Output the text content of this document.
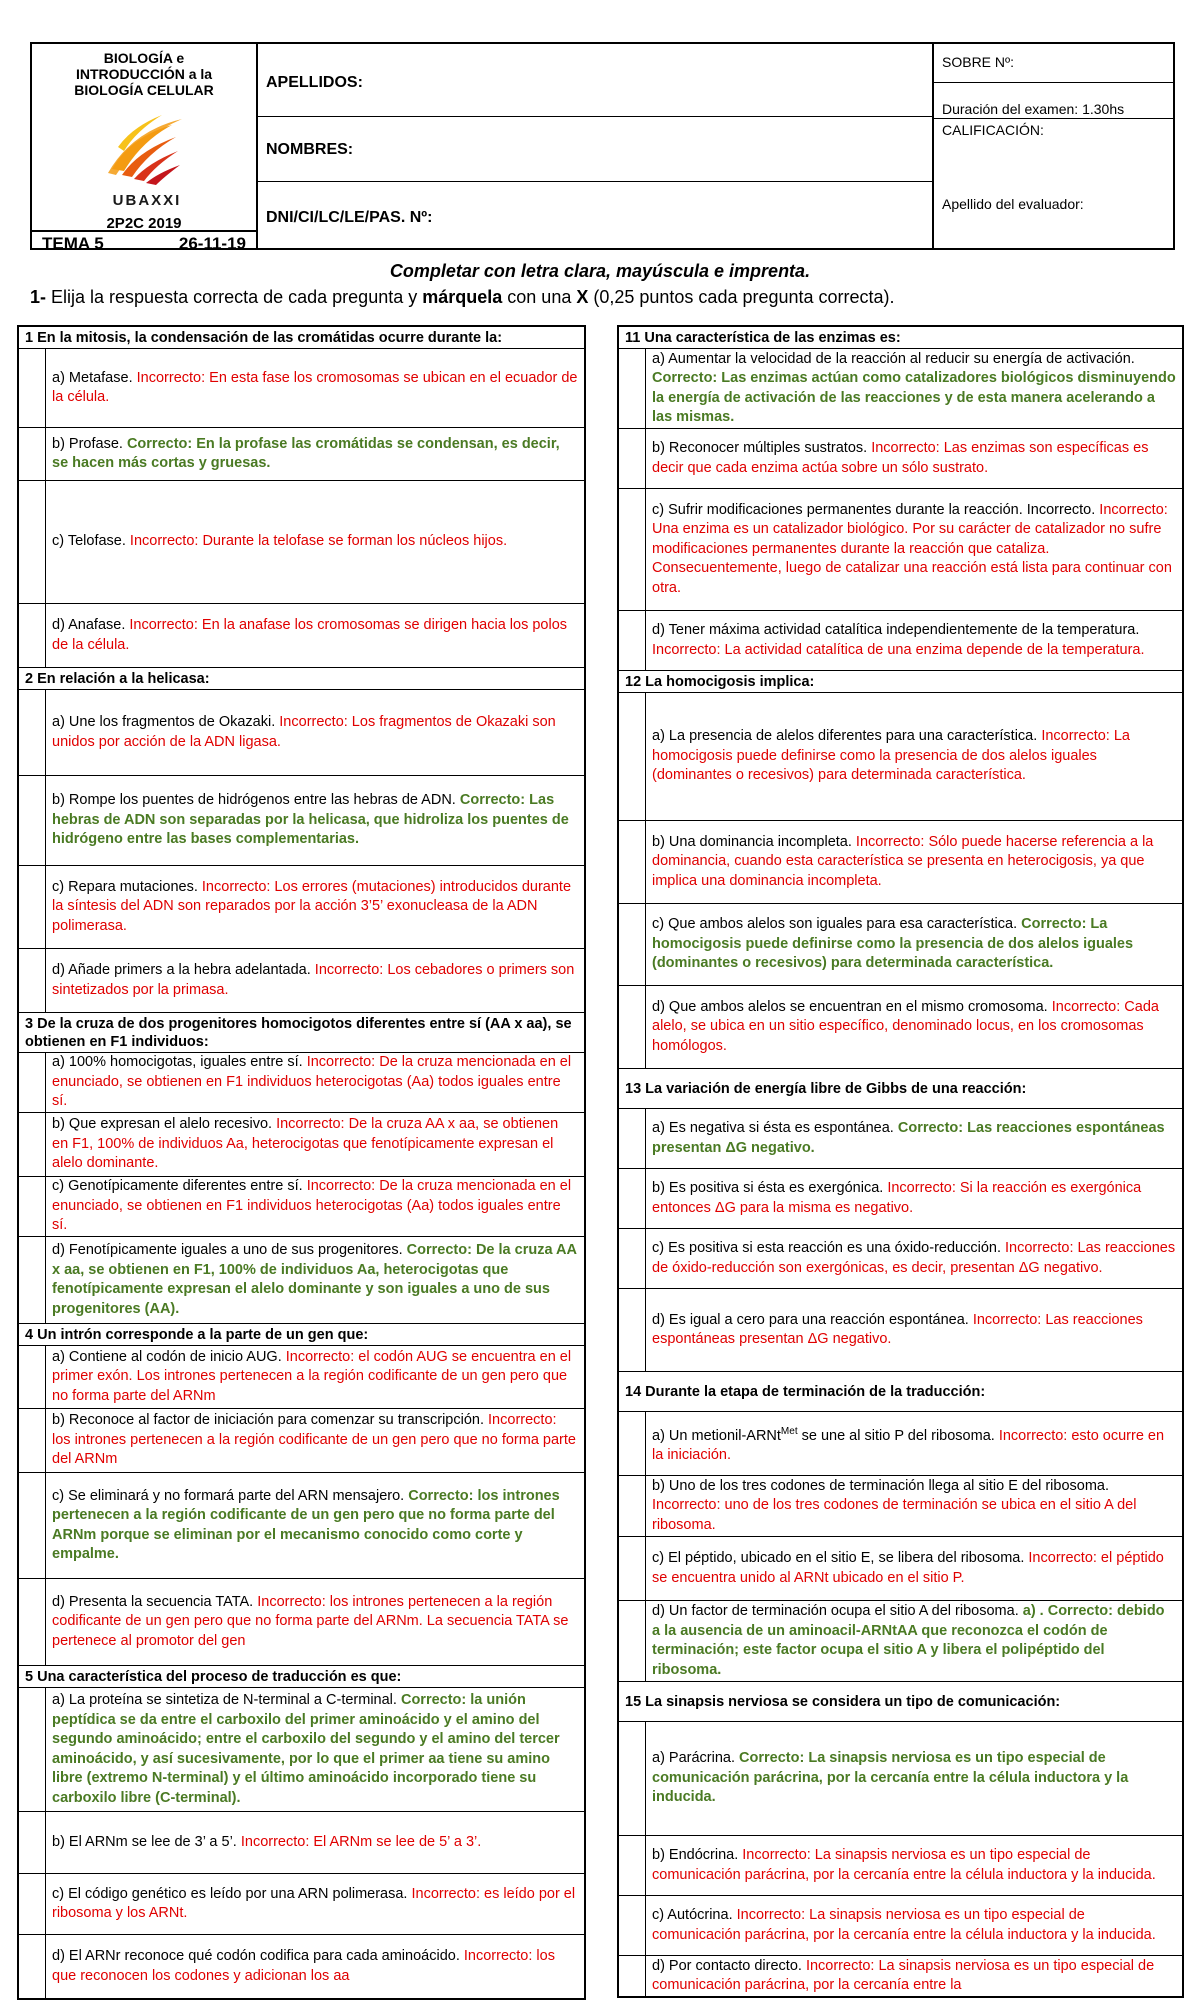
BIOLOGÍA e
INTRODUCCIÓN a la
BIOLOGÍA CELULAR
UBAXXI
2P2C 2019
TEMA 5	26-11-19
APELLIDOS:
NOMBRES:
DNI/CI/LC/LE/PAS. Nº:
SOBRE Nº:
Duración del examen: 1.30hs
CALIFICACIÓN:
Apellido del evaluador:
Completar con letra clara, mayúscula e imprenta.
1- Elija la respuesta correcta de cada pregunta y márquela con una X (0,25 puntos cada pregunta correcta).
1 En la mitosis, la condensación de las cromátidas ocurre durante la:
a) Metafase. Incorrecto: En esta fase los cromosomas se ubican en el ecuador de la célula.
b) Profase. Correcto: En la profase las cromátidas se condensan, es decir, se hacen más cortas y gruesas.
c) Telofase. Incorrecto: Durante la telofase se forman los núcleos hijos.
d) Anafase. Incorrecto: En la anafase los cromosomas se dirigen hacia los polos de la célula.
2 En relación a la helicasa:
a) Une los fragmentos de Okazaki. Incorrecto: Los fragmentos de Okazaki son unidos por acción de la ADN ligasa.
b) Rompe los puentes de hidrógenos entre las hebras de ADN. Correcto: Las hebras de ADN son separadas por la helicasa, que hidroliza los puentes de hidrógeno entre las bases complementarias.
c) Repara mutaciones. Incorrecto: Los errores (mutaciones) introducidos durante la síntesis del ADN son reparados por la acción 3’5’ exonucleasa de la ADN polimerasa.
d) Añade primers a la hebra adelantada. Incorrecto: Los cebadores o primers son sintetizados por la primasa.
3 De la cruza de dos progenitores homocigotos diferentes entre sí (AA x aa), se obtienen en F1 individuos:
a) 100% homocigotas, iguales entre sí. Incorrecto: De la cruza mencionada en el enunciado, se obtienen en F1 individuos heterocigotas (Aa) todos iguales entre sí.
b) Que expresan el alelo recesivo. Incorrecto: De la cruza AA x aa, se obtienen en F1, 100% de individuos Aa, heterocigotas que fenotípicamente expresan el alelo dominante.
c) Genotípicamente diferentes entre sí. Incorrecto: De la cruza mencionada en el enunciado, se obtienen en F1 individuos heterocigotas (Aa) todos iguales entre sí.
d) Fenotípicamente iguales a uno de sus progenitores. Correcto: De la cruza AA x aa, se obtienen en F1, 100% de individuos Aa, heterocigotas que fenotípicamente expresan el alelo dominante y son iguales a uno de sus progenitores (AA).
4 Un intrón corresponde a la parte de un gen que:
a) Contiene al codón de inicio AUG. Incorrecto: el codón AUG se encuentra en el primer exón. Los intrones pertenecen a la región codificante de un gen pero que no forma parte del ARNm
b) Reconoce al factor de iniciación para comenzar su transcripción. Incorrecto: los intrones pertenecen a la región codificante de un gen pero que no forma parte del ARNm
c) Se eliminará y no formará parte del ARN mensajero. Correcto: los intrones pertenecen a la región codificante de un gen pero que no forma parte del ARNm porque se eliminan por el mecanismo conocido como corte y empalme.
d) Presenta la secuencia TATA. Incorrecto: los intrones pertenecen a la región codificante de un gen pero que no forma parte del ARNm. La secuencia TATA se pertenece al promotor del gen
5 Una característica del proceso de traducción es que:
a) La proteína se sintetiza de N-terminal a C-terminal. Correcto: la unión peptídica se da entre el carboxilo del primer aminoácido y el amino del segundo aminoácido; entre el carboxilo del segundo y el amino del tercer aminoácido, y así sucesivamente, por lo que el primer aa tiene su amino libre (extremo N-terminal) y el último aminoácido incorporado tiene su carboxilo libre (C-terminal).
b) El ARNm se lee de 3’ a 5’. Incorrecto: El ARNm se lee de 5’ a 3’.
c) El código genético es leído por una ARN polimerasa. Incorrecto: es leído por el ribosoma y los ARNt.
d) El ARNr reconoce qué codón codifica para cada aminoácido. Incorrecto: los que reconocen los codones y adicionan los aa
11 Una característica de las enzimas es:
a) Aumentar la velocidad de la reacción al reducir su energía de activación. Correcto: Las enzimas actúan como catalizadores biológicos disminuyendo la energía de activación de las reacciones y de esta manera acelerando a las mismas.
b) Reconocer múltiples sustratos. Incorrecto: Las enzimas son específicas es decir que cada enzima actúa sobre un sólo sustrato.
c) Sufrir modificaciones permanentes durante la reacción. Incorrecto. Incorrecto: Una enzima es un catalizador biológico. Por su carácter de catalizador no sufre modificaciones permanentes durante la reacción que cataliza. Consecuentemente, luego de catalizar una reacción está lista para continuar con otra.
d) Tener máxima actividad catalítica independientemente de la temperatura. Incorrecto: La actividad catalítica de una enzima depende de la temperatura.
12 La homocigosis implica:
a) La presencia de alelos diferentes para una característica. Incorrecto: La homocigosis puede definirse como la presencia de dos alelos iguales (dominantes o recesivos) para determinada característica.
b) Una dominancia incompleta. Incorrecto: Sólo puede hacerse referencia a la dominancia, cuando esta característica se presenta en heterocigosis, ya que implica una dominancia incompleta.
c) Que ambos alelos son iguales para esa característica. Correcto: La homocigosis puede definirse como la presencia de dos alelos iguales (dominantes o recesivos) para determinada característica.
d) Que ambos alelos se encuentran en el mismo cromosoma. Incorrecto: Cada alelo, se ubica en un sitio específico, denominado locus, en los cromosomas homólogos.
13 La variación de energía libre de Gibbs de una reacción:
a) Es negativa si ésta es espontánea. Correcto: Las reacciones espontáneas presentan ΔG negativo.
b) Es positiva si ésta es exergónica. Incorrecto: Si la reacción es exergónica entonces ΔG para la misma es negativo.
c) Es positiva si esta reacción es una óxido-reducción. Incorrecto: Las reacciones de óxido-reducción son exergónicas, es decir, presentan ΔG negativo.
d) Es igual a cero para una reacción espontánea. Incorrecto: Las reacciones espontáneas presentan ΔG negativo.
14 Durante la etapa de terminación de la traducción:
a) Un metionil-ARNt$^{Met}$ se une al sitio P del ribosoma. Incorrecto: esto ocurre en la iniciación.
b) Uno de los tres codones de terminación llega al sitio E del ribosoma. Incorrecto: uno de los tres codones de terminación se ubica en el sitio A del ribosoma.
c) El péptido, ubicado en el sitio E, se libera del ribosoma. Incorrecto: el péptido se encuentra unido al ARNt ubicado en el sitio P.
d) Un factor de terminación ocupa el sitio A del ribosoma. a) . Correcto: debido a la ausencia de un aminoacil-ARNtAA que reconozca el codón de terminación; este factor ocupa el sitio A y libera el polipéptido del ribosoma.
15 La sinapsis nerviosa se considera un tipo de comunicación:
a) Parácrina. Correcto: La sinapsis nerviosa es un tipo especial de comunicación parácrina, por la cercanía entre la célula inductora y la inducida.
b) Endócrina. Incorrecto: La sinapsis nerviosa es un tipo especial de comunicación parácrina, por la cercanía entre la célula inductora y la inducida.
c) Autócrina. Incorrecto: La sinapsis nerviosa es un tipo especial de comunicación parácrina, por la cercanía entre la célula inductora y la inducida.
d) Por contacto directo. Incorrecto: La sinapsis nerviosa es un tipo especial de comunicación parácrina, por la cercanía entre la
